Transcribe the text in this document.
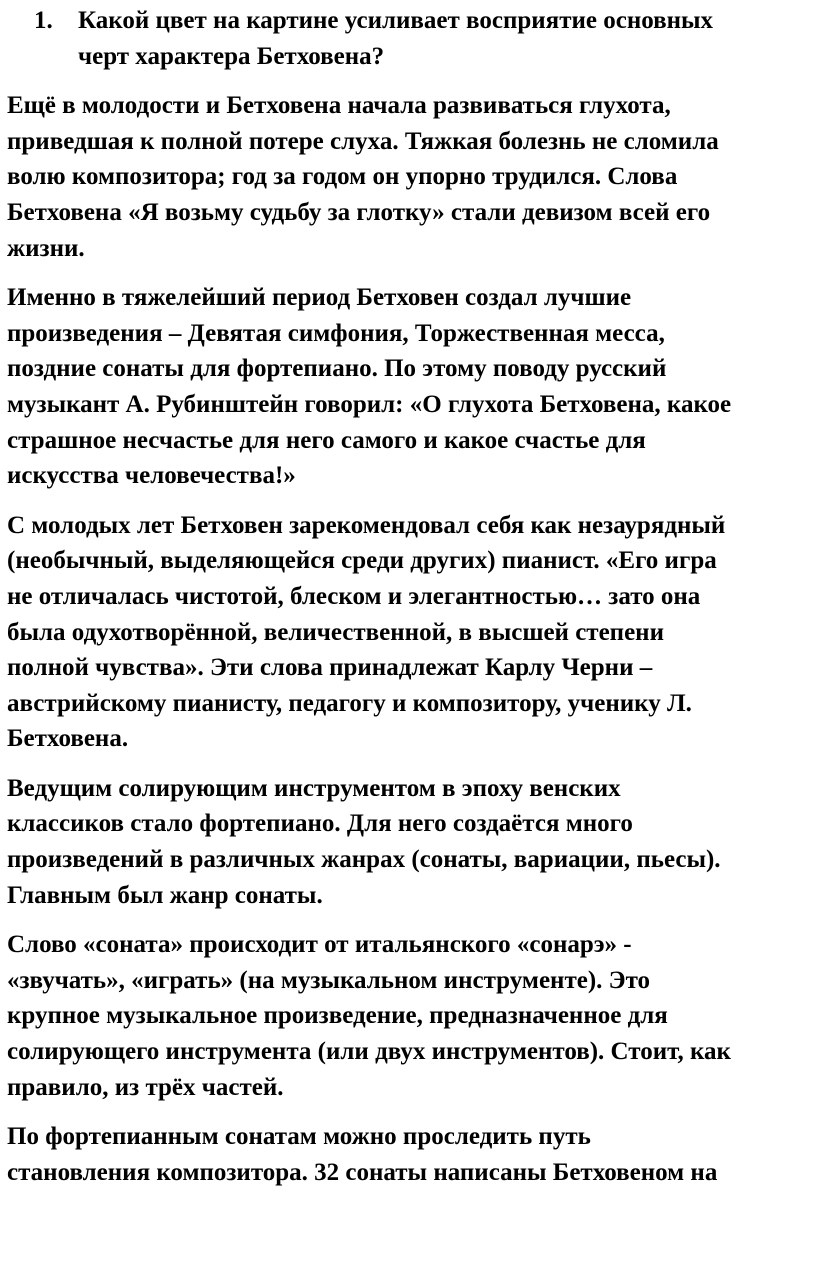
1.	Какой цвет на картине усиливает восприятие основных
черт характера Бетховена?
Ещё в молодости и Бетховена начала развиваться глухота,
приведшая к полной потере слуха. Тяжкая болезнь не сломила
волю композитора; год за годом он упорно трудился. Слова
Бетховена «Я возьму судьбу за глотку» стали девизом всей его
жизни.
Именно в тяжелейший период Бетховен создал лучшие
произведения – Девятая симфония, Торжественная месса,
поздние сонаты для фортепиано. По этому поводу русский
музыкант А. Рубинштейн говорил: «О глухота Бетховена, какое
страшное несчастье для него самого и какое счастье для
искусства человечества!»
С молодых лет Бетховен зарекомендовал себя как незаурядный
(необычный, выделяющейся среди других) пианист. «Его игра
не отличалась чистотой, блеском и элегантностью… зато она
была одухотворённой, величественной, в высшей степени
полной чувства». Эти слова принадлежат Карлу Черни –
австрийскому пианисту, педагогу и композитору, ученику Л.
Бетховена.
Ведущим солирующим инструментом в эпоху венских
классиков стало фортепиано. Для него создаётся много
произведений в различных жанрах (сонаты, вариации, пьесы).
Главным был жанр сонаты.
Слово «соната» происходит от итальянского «сонарэ» -
«звучать», «играть» (на музыкальном инструменте). Это
крупное музыкальное произведение, предназначенное для
солирующего инструмента (или двух инструментов). Стоит, как
правило, из трёх частей.
По фортепианным сонатам можно проследить путь
становления композитора. 32 сонаты написаны Бетховеном на
